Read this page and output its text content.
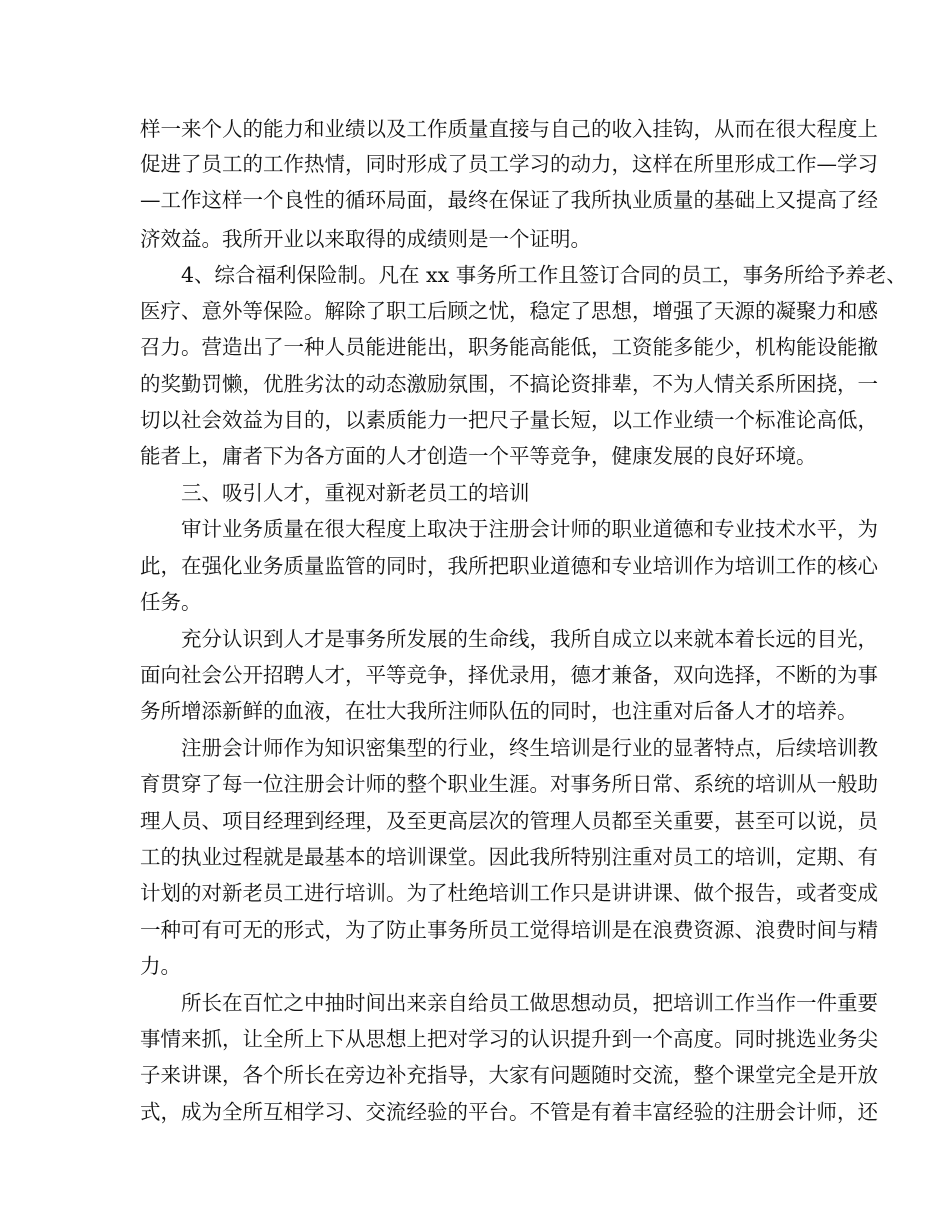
样一来个人的能力和业绩以及工作质量直接与自己的收入挂钩，从而在很大程度上
促进了员工的工作热情，同时形成了员工学习的动力，这样在所里形成工作—学习
—工作这样一个良性的循环局面，最终在保证了我所执业质量的基础上又提高了经
济效益。我所开业以来取得的成绩则是一个证明。
4、综合福利保险制。凡在 xx 事务所工作且签订合同的员工，事务所给予养老、
医疗、意外等保险。解除了职工后顾之忧，稳定了思想，增强了天源的凝聚力和感
召力。营造出了一种人员能进能出，职务能高能低，工资能多能少，机构能设能撤
的奖勤罚懒，优胜劣汰的动态激励氛围，不搞论资排辈，不为人情关系所困挠，一
切以社会效益为目的，以素质能力一把尺子量长短，以工作业绩一个标准论高低，
能者上，庸者下为各方面的人才创造一个平等竞争，健康发展的良好环境。
三、吸引人才，重视对新老员工的培训
审计业务质量在很大程度上取决于注册会计师的职业道德和专业技术水平，为
此，在强化业务质量监管的同时，我所把职业道德和专业培训作为培训工作的核心
任务。
充分认识到人才是事务所发展的生命线，我所自成立以来就本着长远的目光，
面向社会公开招聘人才，平等竞争，择优录用，德才兼备，双向选择，不断的为事
务所增添新鲜的血液，在壮大我所注师队伍的同时，也注重对后备人才的培养。
注册会计师作为知识密集型的行业，终生培训是行业的显著特点，后续培训教
育贯穿了每一位注册会计师的整个职业生涯。对事务所日常、系统的培训从一般助
理人员、项目经理到经理，及至更高层次的管理人员都至关重要，甚至可以说，员
工的执业过程就是最基本的培训课堂。因此我所特别注重对员工的培训，定期、有
计划的对新老员工进行培训。为了杜绝培训工作只是讲讲课、做个报告，或者变成
一种可有可无的形式，为了防止事务所员工觉得培训是在浪费资源、浪费时间与精
力。
所长在百忙之中抽时间出来亲自给员工做思想动员，把培训工作当作一件重要
事情来抓，让全所上下从思想上把对学习的认识提升到一个高度。同时挑选业务尖
子来讲课，各个所长在旁边补充指导，大家有问题随时交流，整个课堂完全是开放
式，成为全所互相学习、交流经验的平台。不管是有着丰富经验的注册会计师，还
